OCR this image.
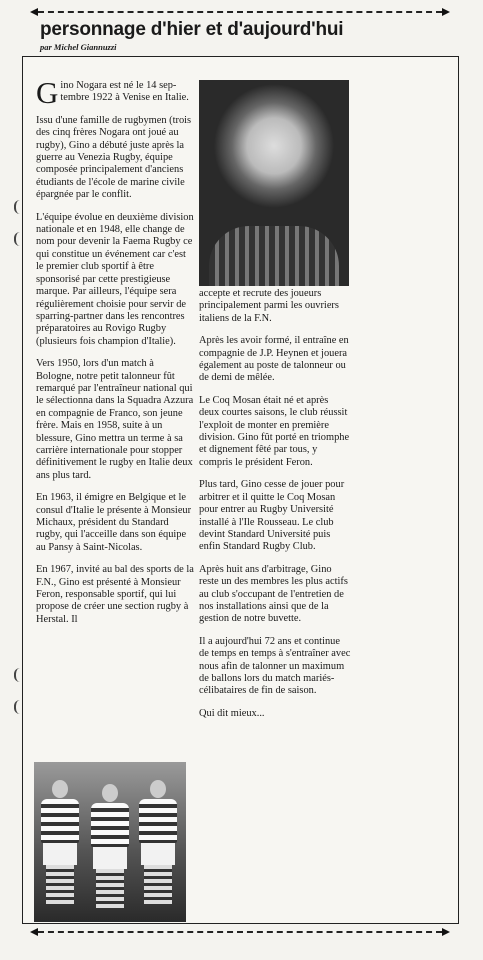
personnage d'hier et d'aujourd'hui
par Michel Giannuzzi

Gino Nogara est né le 14 sep-tembre 1922 à Venise en Italie.

Issu d'une famille de rugbymen (trois des cinq frères Nogara ont joué au rugby), Gino a débuté juste après la guerre au Venezia Rugby, équipe composée principalement d'anciens étudiants de l'école de marine civile épargnée par le conflit.

L'équipe évolue en deuxième division nationale et en 1948, elle change de nom pour devenir la Faema Rugby ce qui constitue un événement car c'est le premier club sportif à être sponsorisé par cette prestigieuse marque. Par ailleurs, l'équipe sera régulièrement choisie pour servir de sparring-partner dans les rencontres préparatoires au Rovigo Rugby (plusieurs fois champion d'Italie).

Vers 1950, lors d'un match à Bologne, notre petit talonneur fût remarqué par l'entraîneur national qui le sélectionna dans la Squadra Azzura en compagnie de Franco, son jeune frère. Mais en 1958, suite à un blessure, Gino mettra un terme à sa carrière internationale pour stopper définitivement le rugby en Italie deux ans plus tard.

En 1963, il émigre en Belgique et le consul d'Italie le présente à Monsieur Michaux, président du Standard rugby, qui l'acceille dans son équipe au Pansy à Saint-Nicolas.

En 1967, invité au bal des sports de la F.N., Gino est présenté à Monsieur Feron, responsable sportif, qui lui propose de créer une section rugby à Herstal. Il

accepte et recrute des joueurs principalement parmi les ouvriers italiens de la F.N.

Après les avoir formé, il entraîne en compagnie de J.P. Heynen et jouera également au poste de talonneur ou de demi de mêlée.

Le Coq Mosan était né et après deux courtes saisons, le club réussit l'exploit de monter en première division. Gino fût porté en triomphe et dignement fêté par tous, y compris le président Feron.

Plus tard, Gino cesse de jouer pour arbitrer et il quitte le Coq Mosan pour entrer au Rugby Université installé à l'Ile Rousseau. Le club devint Standard Université puis enfin Standard Rugby Club.

Après huit ans d'arbitrage, Gino reste un des membres les plus actifs au club s'occupant de l'entretien de nos installations ainsi que de la gestion de notre buvette.

Il a aujourd'hui 72 ans et continue de temps en temps à s'entraîner avec nous afin de talonner un maximum de ballons lors du match mariés-célibataires de fin de saison.

Qui dit mieux...
